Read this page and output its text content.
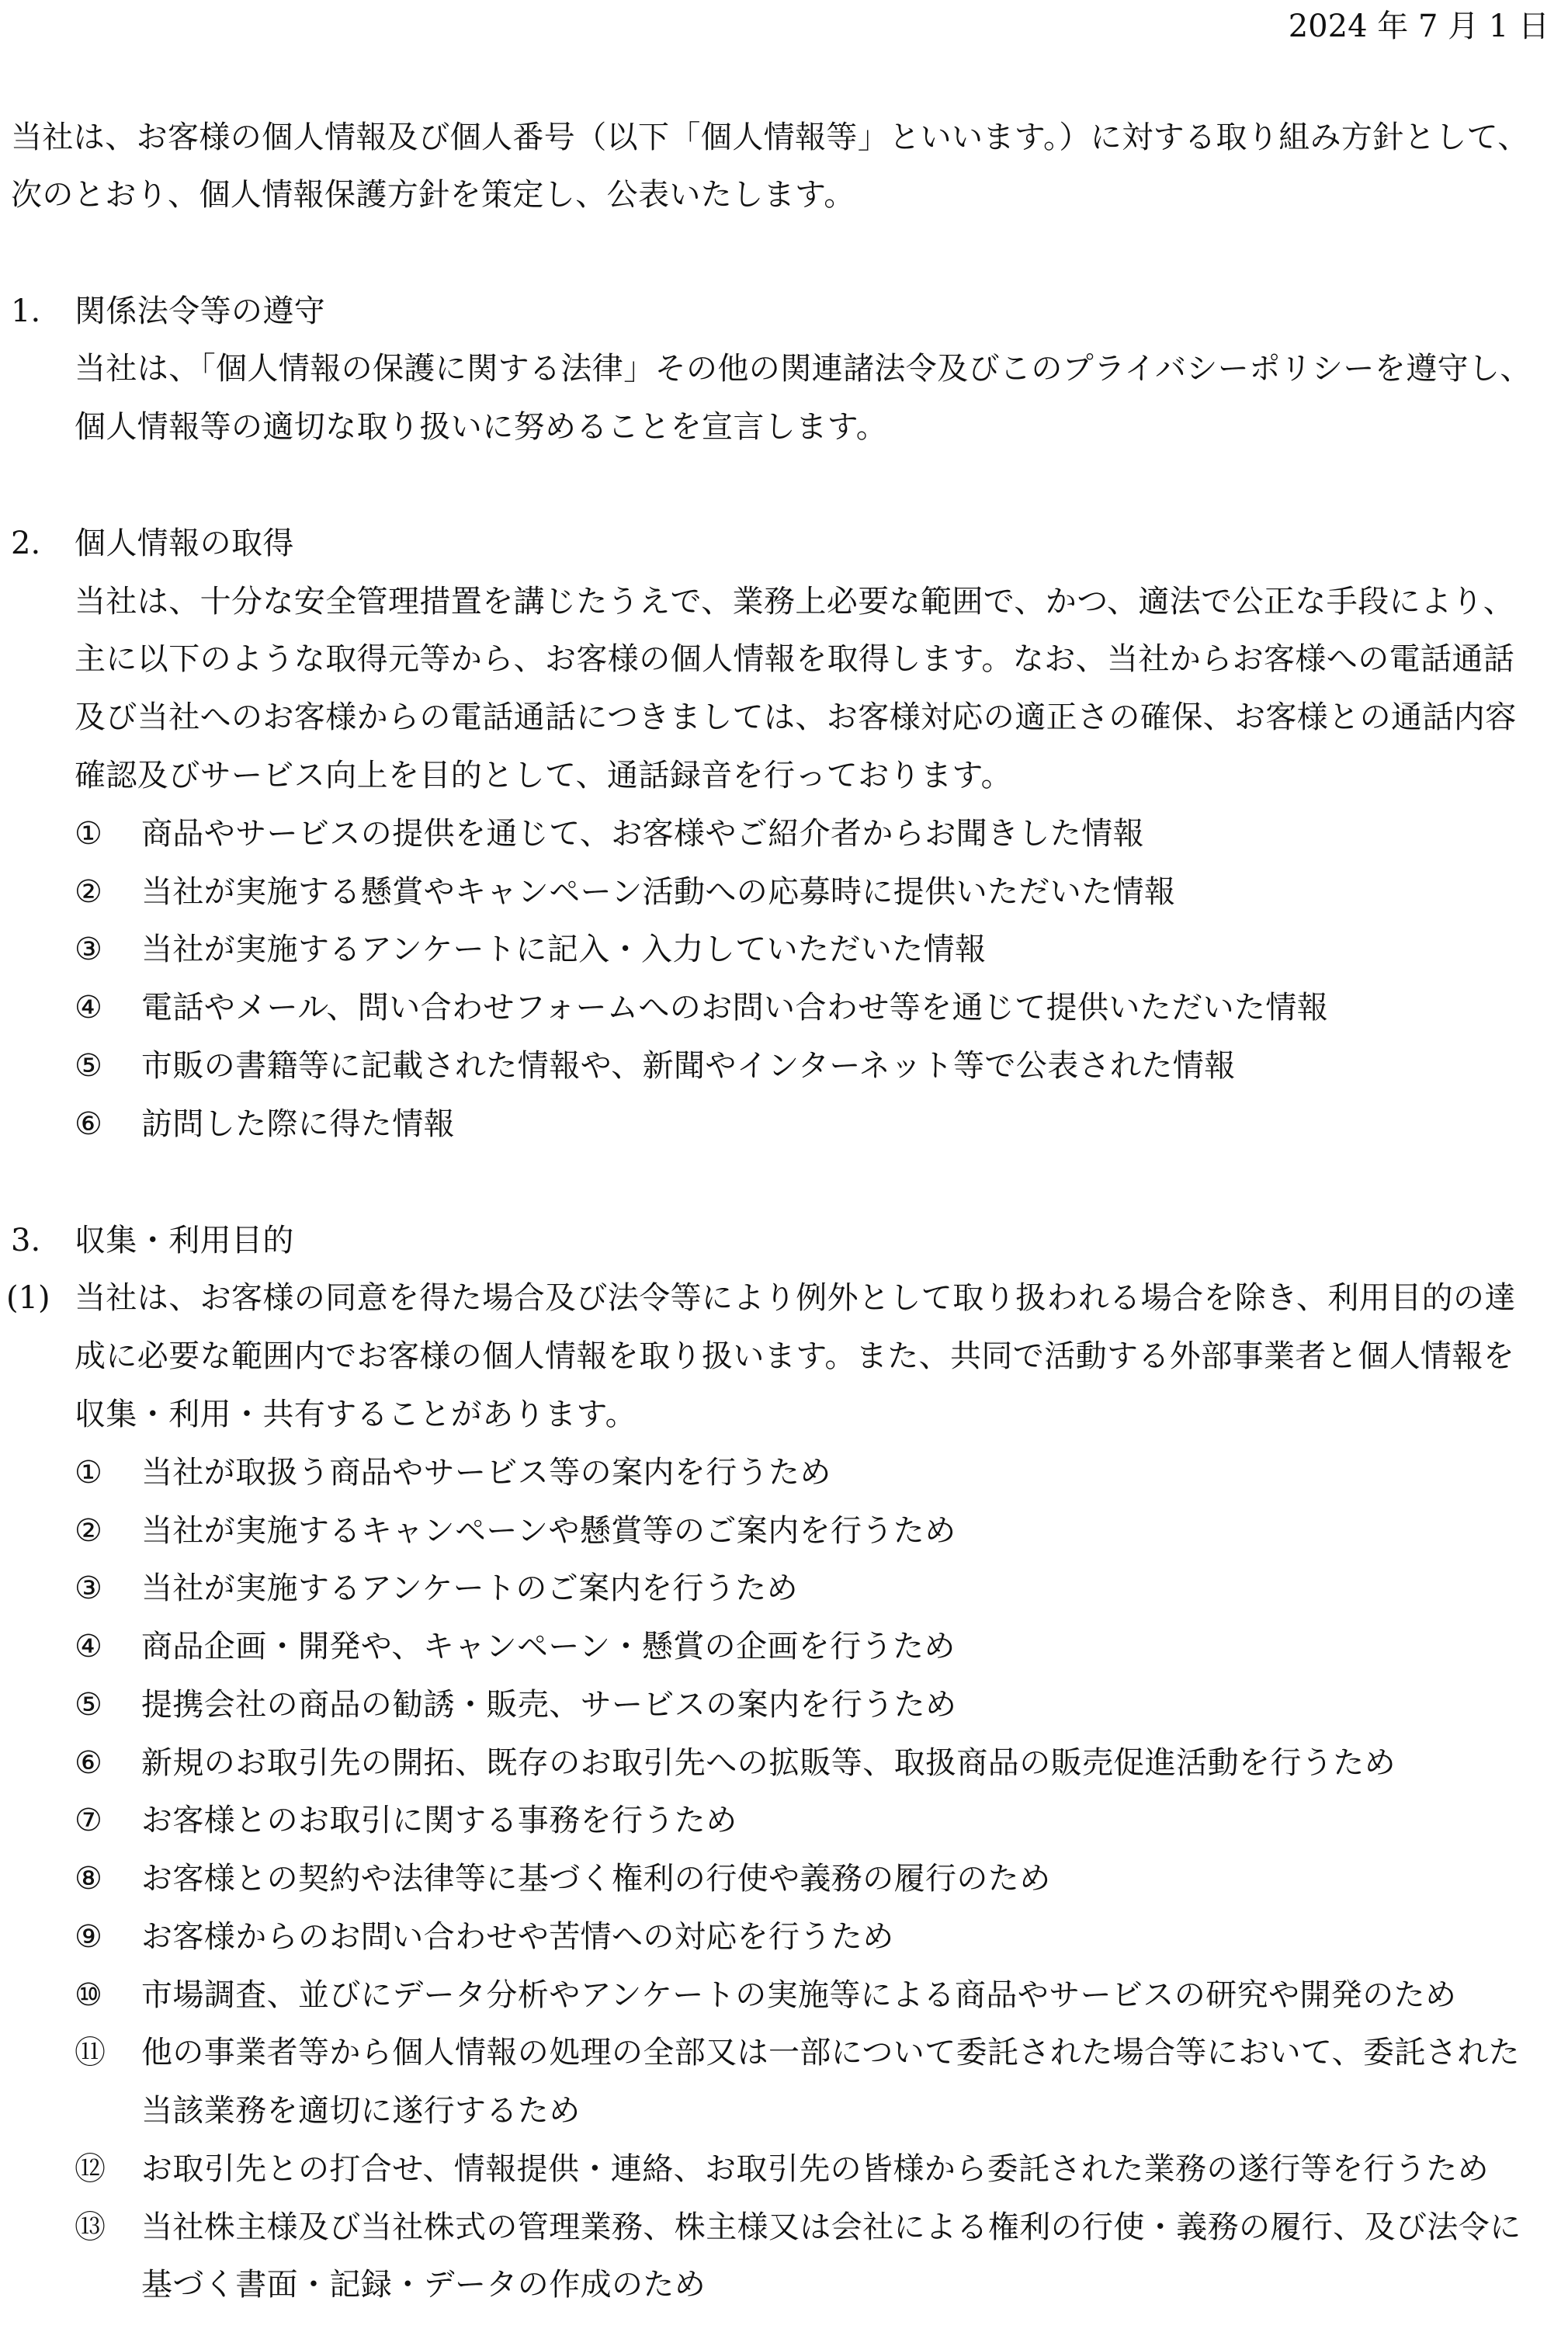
2024 年 7 月 1 日
当社は、お客様の個人情報及び個人番号（以下「個人情報等」といいます。）に対する取り組み方針として、
次のとおり、個人情報保護方針を策定し、公表いたします。
1. 関係法令等の遵守
当社は、「個人情報の保護に関する法律」その他の関連諸法令及びこのプライバシーポリシーを遵守し、
個人情報等の適切な取り扱いに努めることを宣言します。
2. 個人情報の取得
当社は、十分な安全管理措置を講じたうえで、業務上必要な範囲で、かつ、適法で公正な手段により、
主に以下のような取得元等から、お客様の個人情報を取得します。なお、当社からお客様への電話通話
及び当社へのお客様からの電話通話につきましては、お客様対応の適正さの確保、お客様との通話内容
確認及びサービス向上を目的として、通話録音を行っております。
① 商品やサービスの提供を通じて、お客様やご紹介者からお聞きした情報
② 当社が実施する懸賞やキャンペーン活動への応募時に提供いただいた情報
③ 当社が実施するアンケートに記入・入力していただいた情報
④ 電話やメール、問い合わせフォームへのお問い合わせ等を通じて提供いただいた情報
⑤ 市販の書籍等に記載された情報や、新聞やインターネット等で公表された情報
⑥ 訪問した際に得た情報
3. 収集・利用目的
(1) 当社は、お客様の同意を得た場合及び法令等により例外として取り扱われる場合を除き、利用目的の達
成に必要な範囲内でお客様の個人情報を取り扱います。また、共同で活動する外部事業者と個人情報を
収集・利用・共有することがあります。
① 当社が取扱う商品やサービス等の案内を行うため
② 当社が実施するキャンペーンや懸賞等のご案内を行うため
③ 当社が実施するアンケートのご案内を行うため
④ 商品企画・開発や、キャンペーン・懸賞の企画を行うため
⑤ 提携会社の商品の勧誘・販売、サービスの案内を行うため
⑥ 新規のお取引先の開拓、既存のお取引先への拡販等、取扱商品の販売促進活動を行うため
⑦ お客様とのお取引に関する事務を行うため
⑧ お客様との契約や法律等に基づく権利の行使や義務の履行のため
⑨ お客様からのお問い合わせや苦情への対応を行うため
⑩ 市場調査、並びにデータ分析やアンケートの実施等による商品やサービスの研究や開発のため
⑪ 他の事業者等から個人情報の処理の全部又は一部について委託された場合等において、委託された
当該業務を適切に遂行するため
⑫ お取引先との打合せ、情報提供・連絡、お取引先の皆様から委託された業務の遂行等を行うため
⑬ 当社株主様及び当社株式の管理業務、株主様又は会社による権利の行使・義務の履行、及び法令に
基づく書面・記録・データの作成のため
